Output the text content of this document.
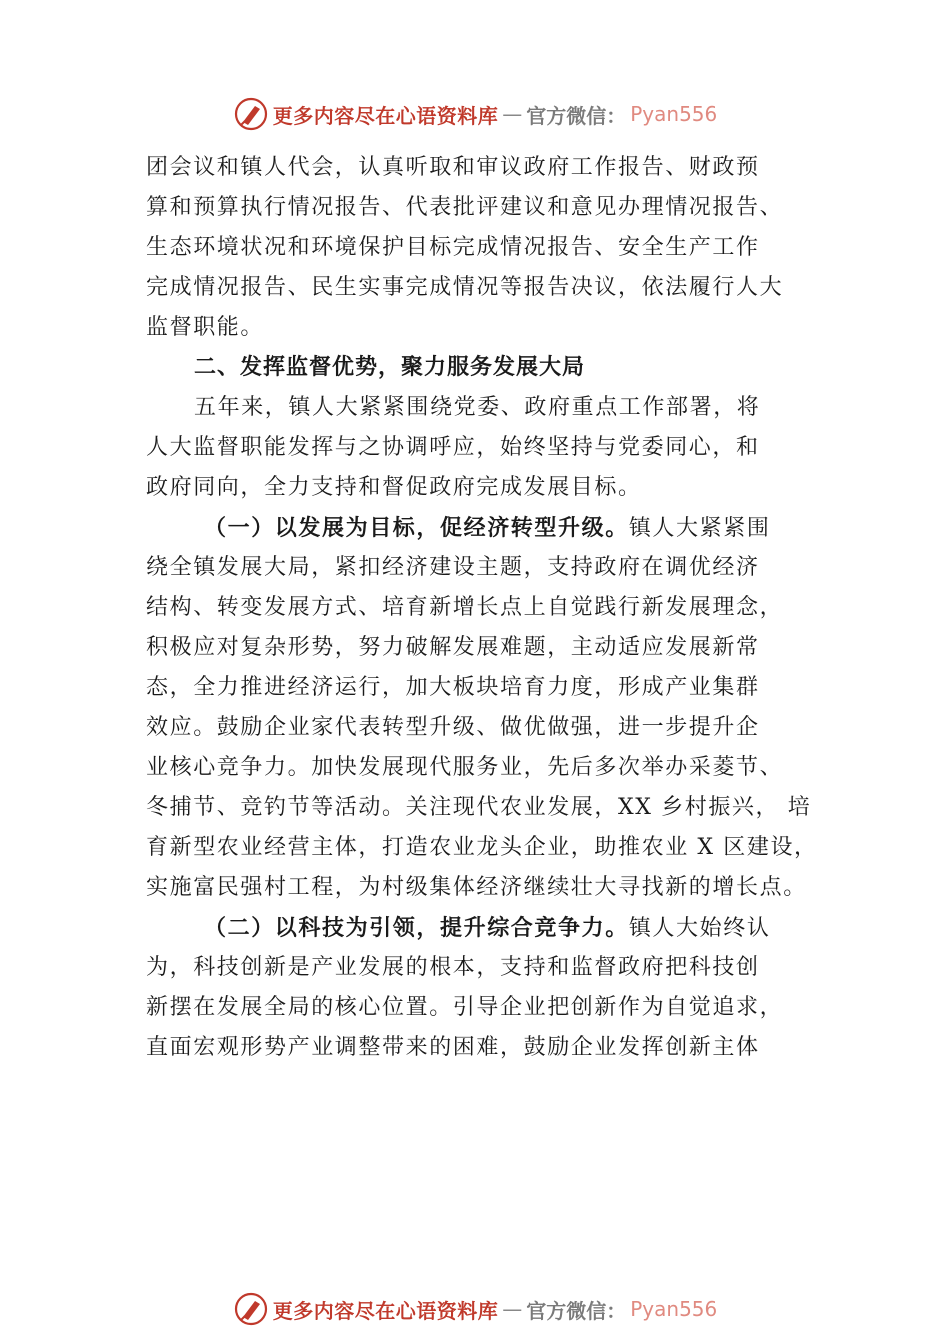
更多内容尽在心语资料库 — 官方微信： Pyan556
团会议和镇人代会，认真听取和审议政府工作报告、财政预
算和预算执行情况报告、代表批评建议和意见办理情况报告、
生态环境状况和环境保护目标完成情况报告、安全生产工作
完成情况报告、民生实事完成情况等报告决议，依法履行人大
监督职能。
二、发挥监督优势，聚力服务发展大局
五年来，镇人大紧紧围绕党委、政府重点工作部署，将
人大监督职能发挥与之协调呼应，始终坚持与党委同心，和
政府同向，全力支持和督促政府完成发展目标。
（一）以发展为目标，促经济转型升级。镇人大紧紧围
绕全镇发展大局，紧扣经济建设主题，支持政府在调优经济
结构、转变发展方式、培育新增长点上自觉践行新发展理念，
积极应对复杂形势，努力破解发展难题，主动适应发展新常
态，全力推进经济运行，加大板块培育力度，形成产业集群
效应。鼓励企业家代表转型升级、做优做强，进一步提升企
业核心竞争力。加快发展现代服务业，先后多次举办采菱节、
冬捕节、竞钓节等活动。关注现代农业发展，XX 乡村振兴， 培
育新型农业经营主体，打造农业龙头企业，助推农业 X 区建设，
实施富民强村工程，为村级集体经济继续壮大寻找新的增长点。
（二）以科技为引领，提升综合竞争力。镇人大始终认
为，科技创新是产业发展的根本，支持和监督政府把科技创
新摆在发展全局的核心位置。引导企业把创新作为自觉追求，
直面宏观形势产业调整带来的困难，鼓励企业发挥创新主体
更多内容尽在心语资料库 — 官方微信： Pyan556
